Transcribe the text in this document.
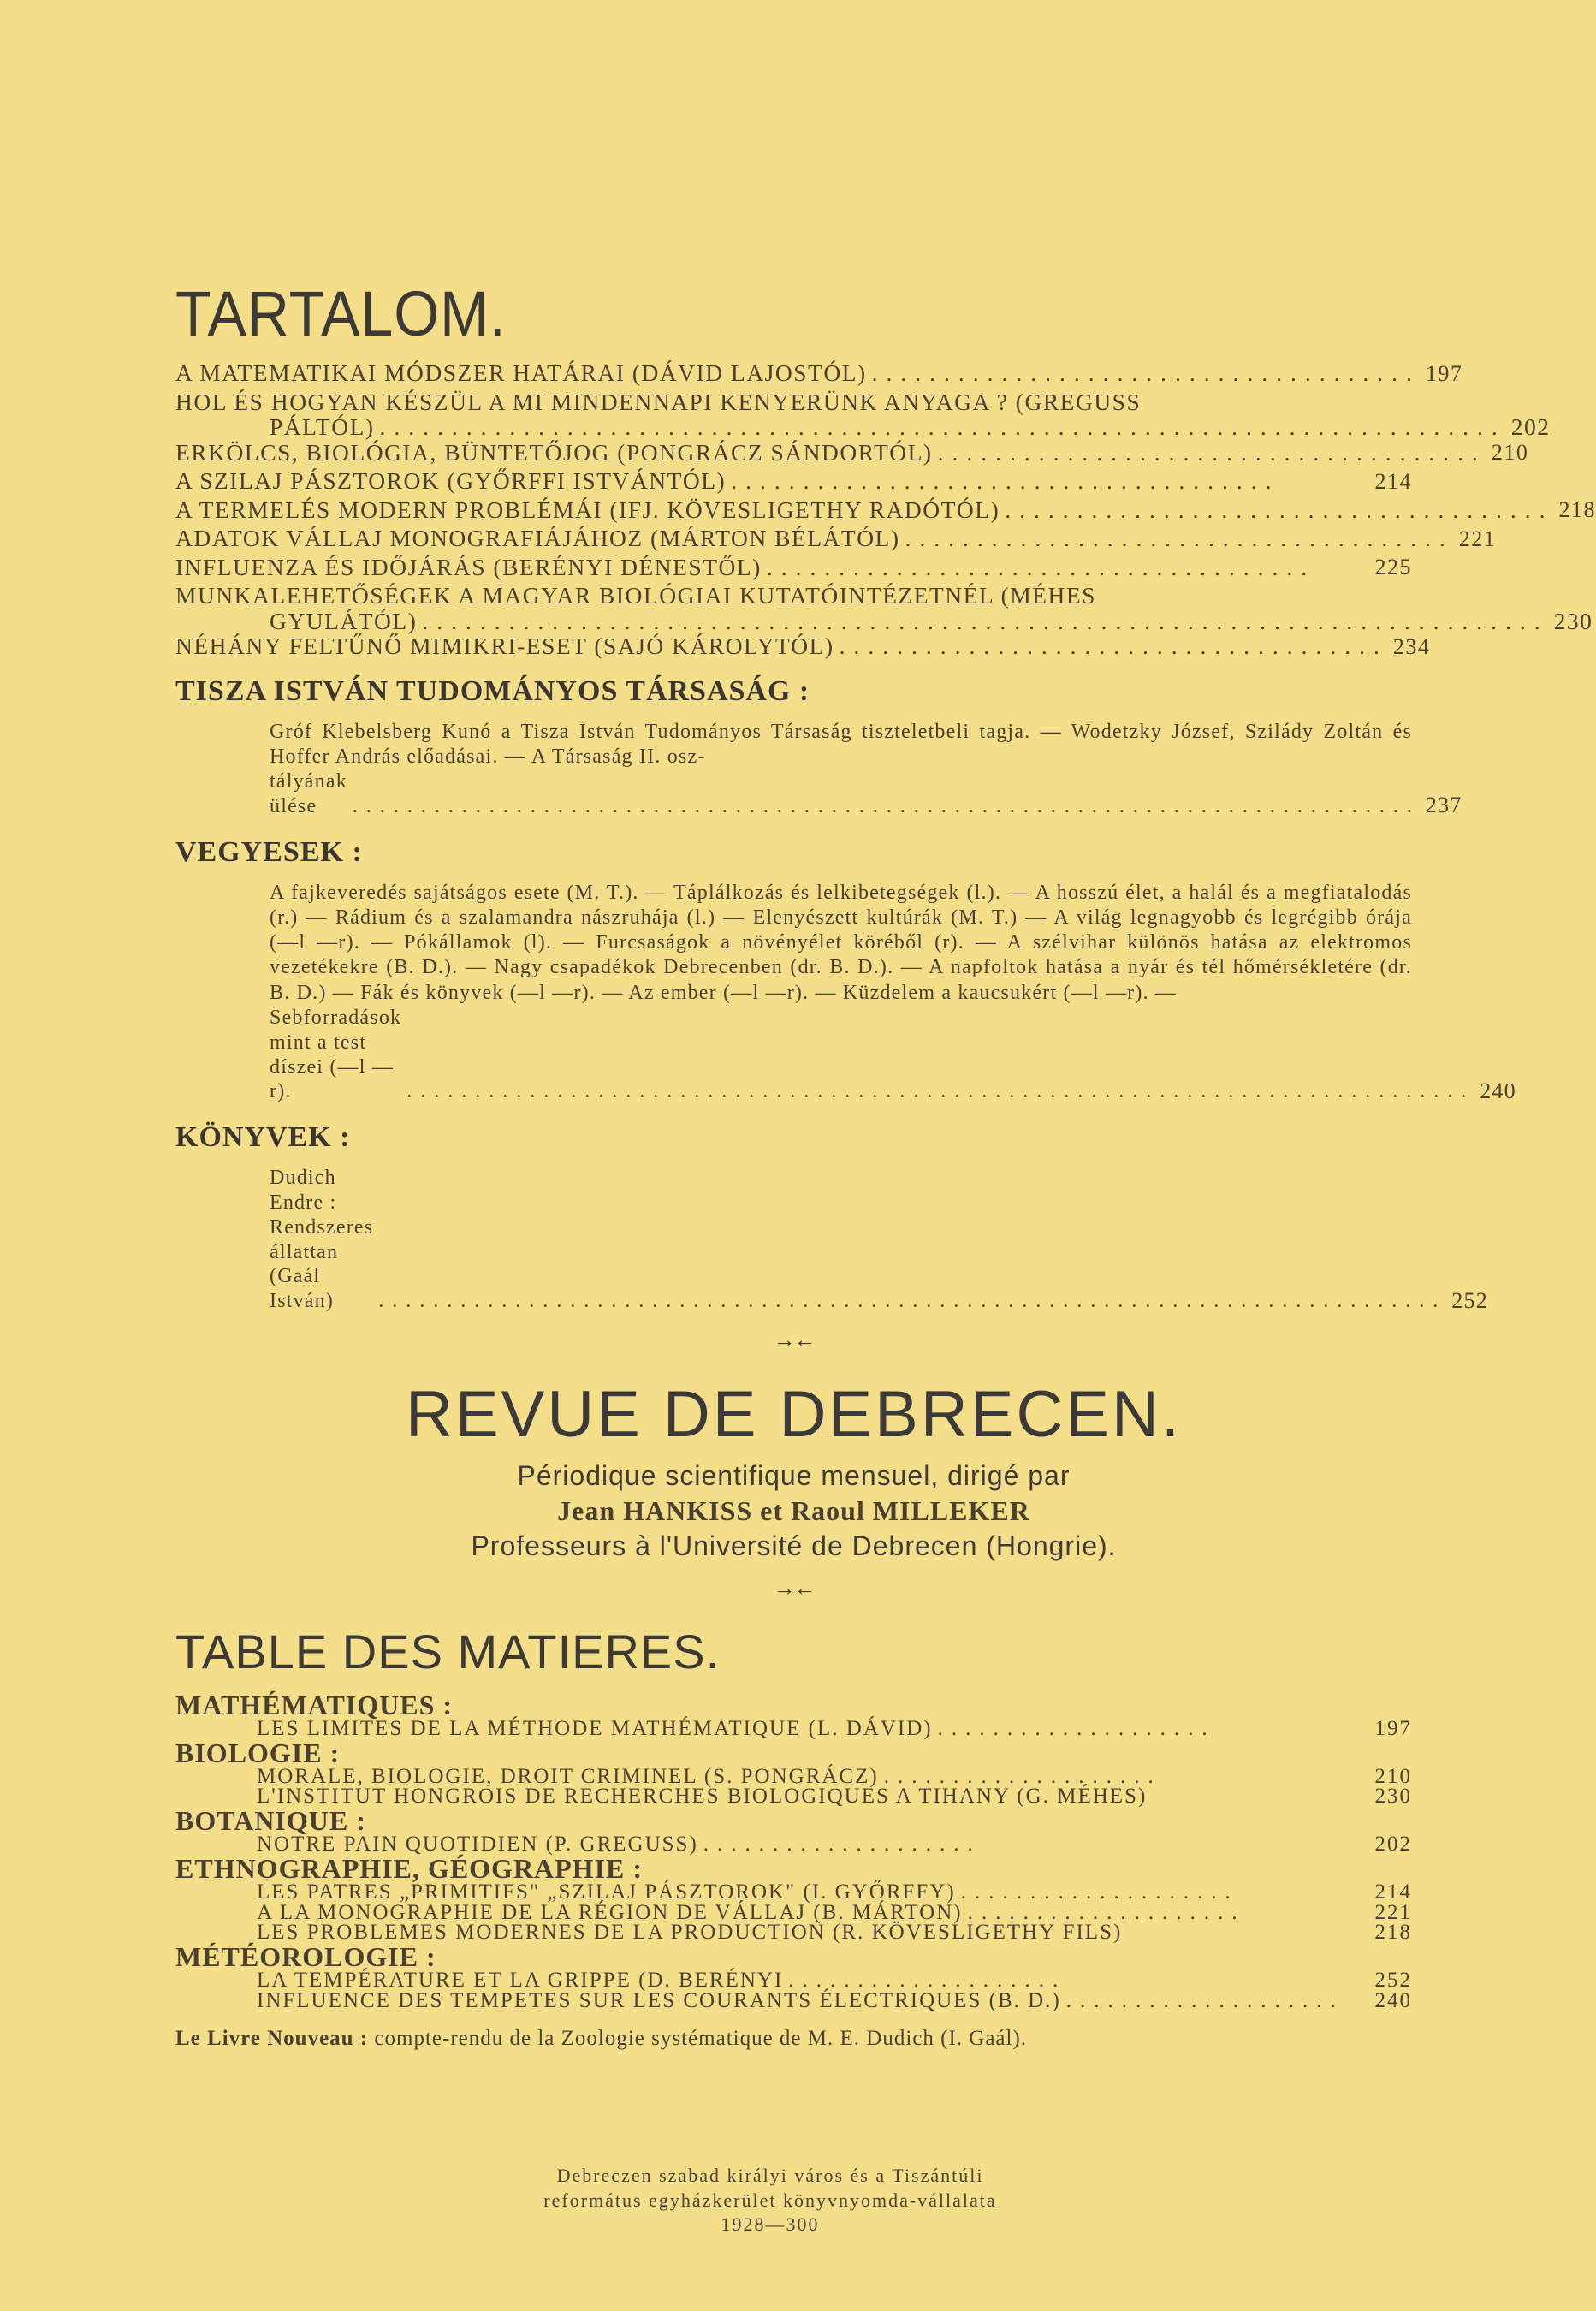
TARTALOM.
A MATEMATIKAI MÓDSZER HATÁRAI (DÁVID LAJOSTÓL) ...................................... 197
HOL ÉS HOGYAN KÉSZÜL A MI MINDENNAPI KENYERÜNK ANYAGA ? (GREGUSS
PÁLTÓL) .............................................................................. 202
ERKÖLCS, BIOLÓGIA, BÜNTETŐJOG (PONGRÁCZ SÁNDORTÓL) ...................................... 210
A SZILAJ PÁSZTOROK (GYŐRFFI ISTVÁNTÓL) ......................................	214
A TERMELÉS MODERN PROBLÉMÁI (IFJ. KÖVESLIGETHY RADÓTÓL) ...................................... 218
ADATOK VÁLLAJ MONOGRAFIÁJÁHOZ (MÁRTON BÉLÁTÓL) ...................................... 221
INFLUENZA ÉS IDŐJÁRÁS (BERÉNYI DÉNESTŐL) ......................................	225
MUNKALEHETŐSÉGEK A MAGYAR BIOLÓGIAI KUTATÓINTÉZETNÉL (MÉHES
GYULÁTÓL) .............................................................................. 230
NÉHÁNY FELTŰNŐ MIMIKRI-ESET (SAJÓ KÁROLYTÓL) ...................................... 234
TISZA ISTVÁN TUDOMÁNYOS TÁRSASÁG :

Gróf Klebelsberg Kunó a Tisza István Tudományos Társaság tiszteletbeli tagja. — Wodetzky József, Szilády Zoltán és Hoffer András előadásai. — A Társaság II. osz-

tályának ülése	.............................................................................. 237
VEGYESEK :

A fajkeveredés sajátságos esete (M. T.). — Táplálkozás és lelkibetegségek (l.). — A hosszú élet, a halál és a megfiatalodás (r.) — Rádium és a szalamandra nászruhája (l.) — Elenyészett kultúrák (M. T.) — A világ legnagyobb és legrégibb órája (—l —r). — Pókállamok (l). — Furcsaságok a növényélet köréből (r). — A szélvihar különös hatása az elektromos vezetékekre (B. D.). — Nagy csapadékok Debrecenben (dr. B. D.). — A napfoltok hatása a nyár és tél hőmérsékletére (dr. B. D.) — Fák és könyvek (—l —r). — Az ember (—l —r). — Küzdelem a kaucsukért (—l —r). —

Sebforradások mint a test díszei (—l —r).	.............................................................................. 240
KÖNYVEK :
Dudich Endre : Rendszeres állattan (Gaál István)	.............................................................................. 252
→←
REVUE DE DEBRECEN.
Périodique scientifique mensuel, dirigé par
Jean HANKISS et Raoul MILLEKER
Professeurs à l'Université de Debrecen (Hongrie).
→←
TABLE DES MATIERES.
MATHÉMATIQUES :
LES LIMITES DE LA MÉTHODE MATHÉMATIQUE (L. DÁVID) ....................	197
BIOLOGIE :
MORALE, BIOLOGIE, DROIT CRIMINEL (S. PONGRÁCZ) ....................	210
L'INSTITUT HONGROIS DE RECHERCHES BIOLOGIQUES A TIHANY (G. MÉHES)	230
BOTANIQUE :
NOTRE PAIN QUOTIDIEN (P. GREGUSS) ....................	202
ETHNOGRAPHIE, GÉOGRAPHIE :
LES PATRES „PRIMITIFS" „SZILAJ PÁSZTOROK" (I. GYŐRFFY) ....................	214
A LA MONOGRAPHIE DE LA RÉGION DE VÁLLAJ (B. MÁRTON) ....................	221
LES PROBLEMES MODERNES DE LA PRODUCTION (R. KÖVESLIGETHY FILS)	218
MÉTÉOROLOGIE :
LA TEMPÉRATURE ET LA GRIPPE (D. BERÉNYI ....................	252
INFLUENCE DES TEMPETES SUR LES COURANTS ÉLECTRIQUES (B. D.) ....................	240
Le Livre Nouveau : compte-rendu de la Zoologie systématique de M. E. Dudich (I. Gaál).
Debreczen szabad királyi város és a Tiszántúli
református egyházkerület könyvnyomda-vállalata
1928—300
